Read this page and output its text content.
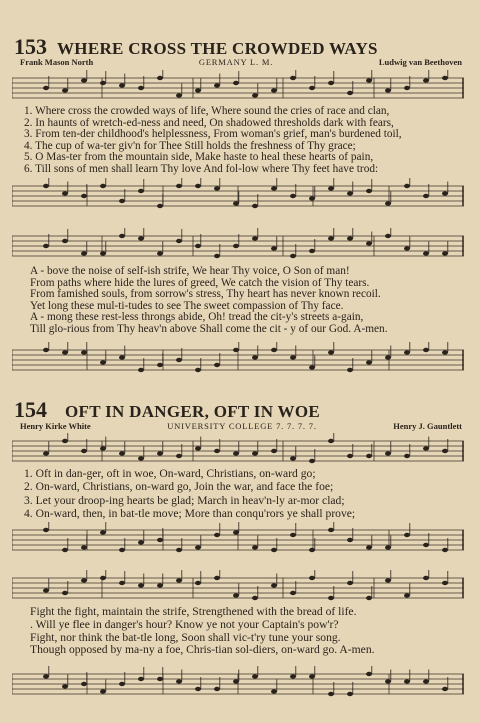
153 WHERE CROSS THE CROWDED WAYS
Frank Mason North	GERMANY L. M.	Ludwig van Beethoven
1. Where cross the crowded ways of life, Where sound the cries of race and clan,
2. In haunts of wretch-ed-ness and need, On shadowed thresholds dark with fears,
3. From ten-der childhood's helplessness, From woman's grief, man's burdened toil,
4. The cup of wa-ter giv'n for Thee Still holds the freshness of Thy grace;
5. O Mas-ter from the mountain side, Make haste to heal these hearts of pain,
6. Till sons of men shall learn Thy love And fol-low where Thy feet have trod:
A - bove the noise of self-ish strife, We hear Thy voice, O Son of man!
From paths where hide the lures of greed, We catch the vision of Thy tears.
From famished souls, from sorrow's stress, Thy heart has never known recoil.
Yet long these mul-ti-tudes to see The sweet compassion of Thy face.
A - mong these rest-less throngs abide, Oh! tread the cit-y's streets a-gain,
Till glo-rious from Thy heav'n above Shall come the cit - y of our God. A-men.
154 OFT IN DANGER, OFT IN WOE
Henry Kirke White	UNIVERSITY COLLEGE 7. 7. 7. 7.	Henry J. Gauntlett
1. Oft in dan-ger, oft in woe, On-ward, Christians, on-ward go;
2. On-ward, Christians, on-ward go, Join the war, and face the foe;
3. Let your droop-ing hearts be glad; March in heav'n-ly ar-mor clad;
4. On-ward, then, in bat-tle move; More than conqu'rors ye shall prove;
Fight the fight, maintain the strife, Strengthened with the bread of life.
. Will ye flee in danger's hour? Know ye not your Captain's pow'r?
Fight, nor think the bat-tle long, Soon shall vic-t'ry tune your song.
Though opposed by ma-ny a foe, Chris-tian sol-diers, on-ward go. A-men.
